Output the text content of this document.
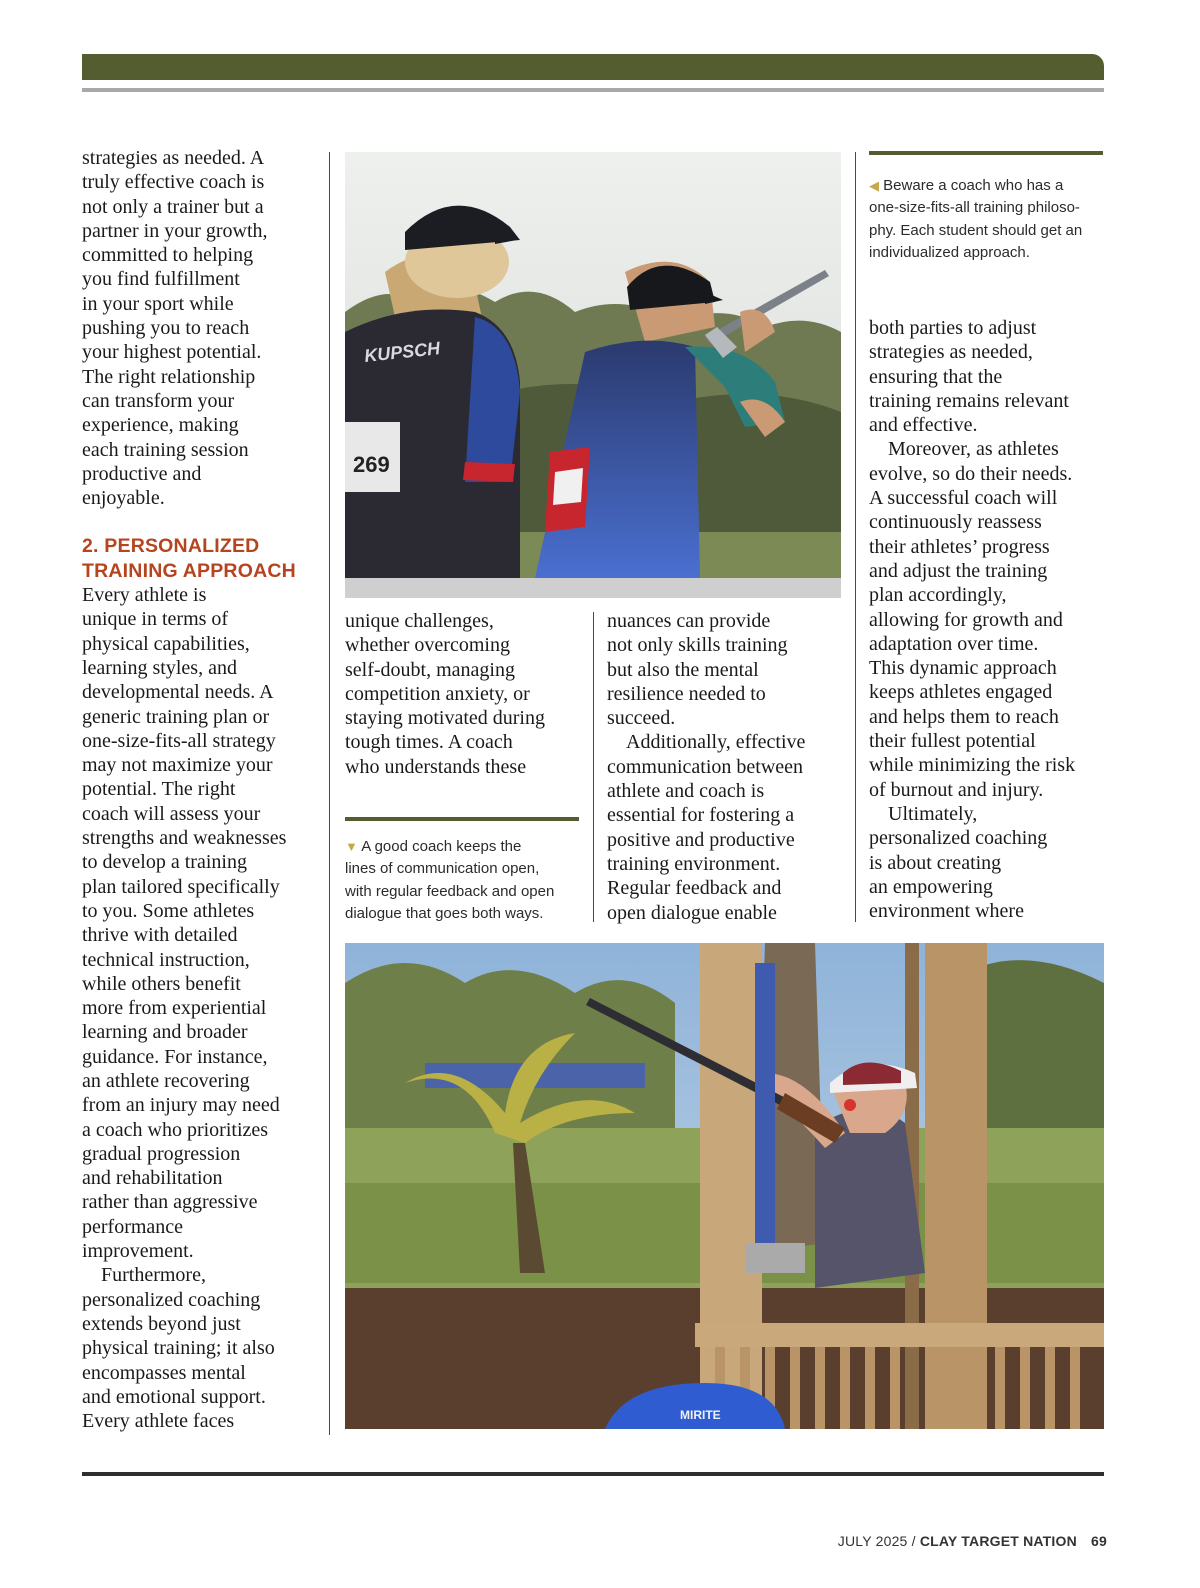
strategies as needed. A
truly effective coach is
not only a trainer but a
partner in your growth,
committed to helping
you find fulfillment
in your sport while
pushing you to reach
your highest potential.
The right relationship
can transform your
experience, making
each training session
productive and
enjoyable.

2. PERSONALIZED
TRAINING APPROACH

Every athlete is
unique in terms of
physical capabilities,
learning styles, and
developmental needs. A
generic training plan or
one-size-fits-all strategy
may not maximize your
potential. The right
coach will assess your
strengths and weaknesses
to develop a training
plan tailored specifically
to you. Some athletes
thrive with detailed
technical instruction,
while others benefit
more from experiential
learning and broader
guidance. For instance,
an athlete recovering
from an injury may need
a coach who prioritizes
gradual progression
and rehabilitation
rather than aggressive
performance
improvement.

Furthermore,
personalized coaching
extends beyond just
physical training; it also
encompasses mental
and emotional support.
Every athlete faces

269
KUPSCH
◀ Beware a coach who has a
one-size-fits-all training philoso-
phy. Each student should get an
individualized approach.

unique challenges,
whether overcoming
self-doubt, managing
competition anxiety, or
staying motivated during
tough times. A coach
who understands these

▼ A good coach keeps the
lines of communication open,
with regular feedback and open
dialogue that goes both ways.

nuances can provide
not only skills training
but also the mental
resilience needed to
succeed.

Additionally, effective
communication between
athlete and coach is
essential for fostering a
positive and productive
training environment.
Regular feedback and
open dialogue enable

both parties to adjust
strategies as needed,
ensuring that the
training remains relevant
and effective.

Moreover, as athletes
evolve, so do their needs.
A successful coach will
continuously reassess
their athletes’ progress
and adjust the training
plan accordingly,
allowing for growth and
adaptation over time.
This dynamic approach
keeps athletes engaged
and helps them to reach
their fullest potential
while minimizing the risk
of burnout and injury.

Ultimately,
personalized coaching
is about creating
an empowering
environment where

MIRITE
JULY 2025 / CLAY TARGET NATION 69
